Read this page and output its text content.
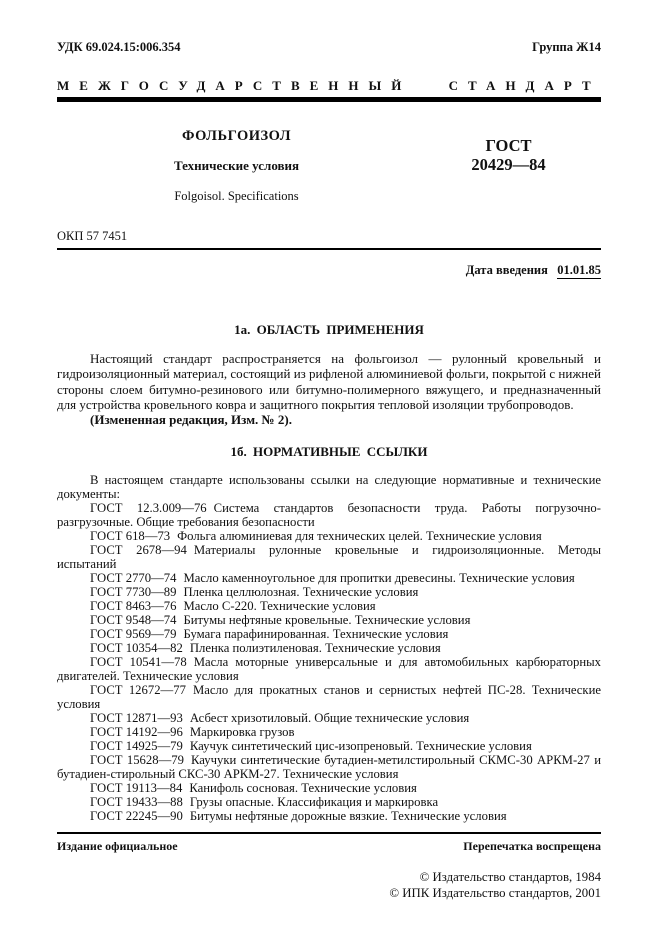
УДК 69.024.15:006.354	Группа Ж14
МЕЖГОСУДАРСТВЕННЫЙ СТАНДАРТ
ФОЛЬГОИЗОЛ
Технические условия
Folgoisol. Specifications
ГОСТ
20429—84
ОКП 57 7451
Дата введения 01.01.85
1а. ОБЛАСТЬ ПРИМЕНЕНИЯ

Настоящий стандарт распространяется на фольгоизол — рулонный кровельный и гидроизоляционный материал, состоящий из рифленой алюминиевой фольги, покрытой с нижней стороны слоем битумно-резинового или битумно-полимерного вяжущего, и предназначенный для устройства кровельного ковра и защитного покрытия тепловой изоляции трубопроводов.

(Измененная редакция, Изм. № 2).

1б. НОРМАТИВНЫЕ ССЫЛКИ

В настоящем стандарте использованы ссылки на следующие нормативные и технические документы:

ГОСТ 12.3.009—76 Система стандартов безопасности труда. Работы погрузочно-разгрузочные. Общие требования безопасности

ГОСТ 618—73 Фольга алюминиевая для технических целей. Технические условия

ГОСТ 2678—94 Материалы рулонные кровельные и гидроизоляционные. Методы испытаний

ГОСТ 2770—74 Масло каменноугольное для пропитки древесины. Технические условия

ГОСТ 7730—89 Пленка целлюлозная. Технические условия

ГОСТ 8463—76 Масло С-220. Технические условия

ГОСТ 9548—74 Битумы нефтяные кровельные. Технические условия

ГОСТ 9569—79 Бумага парафинированная. Технические условия

ГОСТ 10354—82 Пленка полиэтиленовая. Технические условия

ГОСТ 10541—78 Масла моторные универсальные и для автомобильных карбюраторных двигателей. Технические условия

ГОСТ 12672—77 Масло для прокатных станов и сернистых нефтей ПС-28. Технические условия

ГОСТ 12871—93 Асбест хризотиловый. Общие технические условия

ГОСТ 14192—96 Маркировка грузов

ГОСТ 14925—79 Каучук синтетический цис-изопреновый. Технические условия

ГОСТ 15628—79 Каучуки синтетические бутадиен-метилстирольный СКМС-30 АРКМ-27 и бутадиен-стирольный СКС-30 АРКМ-27. Технические условия

ГОСТ 19113—84 Канифоль сосновая. Технические условия

ГОСТ 19433—88 Грузы опасные. Классификация и маркировка

ГОСТ 22245—90 Битумы нефтяные дорожные вязкие. Технические условия

Издание официальное	Перепечатка воспрещена
© Издательство стандартов, 1984
© ИПК Издательство стандартов, 2001
